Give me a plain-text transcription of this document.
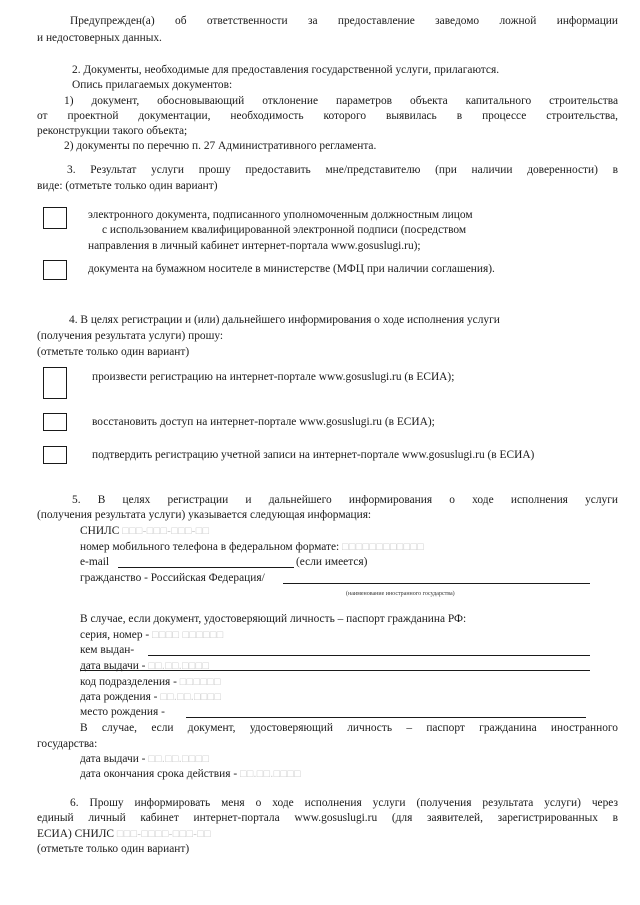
Предупрежден(а) об ответственности за предоставление заведомо ложной информации
и недостоверных данных.
2. Документы, необходимые для предоставления государственной услуги, прилагаются.
Опись прилагаемых документов:
1) документ, обосновывающий отклонение параметров объекта капитального строительства
от проектной документации, необходимость которого выявилась в процессе строительства,
реконструкции такого объекта;
2) документы по перечню п. 27 Административного регламента.
3. Результат услуги прошу предоставить мне/представителю (при наличии доверенности) в
виде: (отметьте только один вариант)
электронного документа, подписанного уполномоченным должностным лицом
с использованием квалифицированной электронной подписи (посредством
направления в личный кабинет интернет-портала www.gosuslugi.ru);
документа на бумажном носителе в министерстве (МФЦ при наличии соглашения).
4. В целях регистрации и (или) дальнейшего информирования о ходе исполнения услуги
(получения результата услуги) прошу:
(отметьте только один вариант)
произвести регистрацию на интернет-портале www.gosuslugi.ru (в ЕСИА);
восстановить доступ на интернет-портале www.gosuslugi.ru (в ЕСИА);
подтвердить регистрацию учетной записи на интернет-портале www.gosuslugi.ru (в ЕСИА)
5. В целях регистрации и дальнейшего информирования о ходе исполнения услуги
(получения результата услуги) указывается следующая информация:
СНИЛС □□□-□□□-□□□-□□
номер мобильного телефона в федеральном формате: □□□□□□□□□□□□
e-mail	(если имеется)
гражданство - Российская Федерация/
(наименование иностранного государства)
В случае, если документ, удостоверяющий личность – паспорт гражданина РФ:
серия, номер - □□□□ □□□□□□
кем выдан-
дата выдачи - □□.□□.□□□□
код подразделения - □□□□□□
дата рождения - □□.□□.□□□□
место рождения -
В случае, если документ, удостоверяющий личность – паспорт гражданина иностранного
государства:
дата выдачи - □□.□□.□□□□
дата окончания срока действия - □□.□□.□□□□
6. Прошу информировать меня о ходе исполнения услуги (получения результата услуги) через
единый личный кабинет интернет-портала www.gosuslugi.ru (для заявителей, зарегистрированных в
ЕСИА) СНИЛС □□□-□□□□-□□□-□□
(отметьте только один вариант)
